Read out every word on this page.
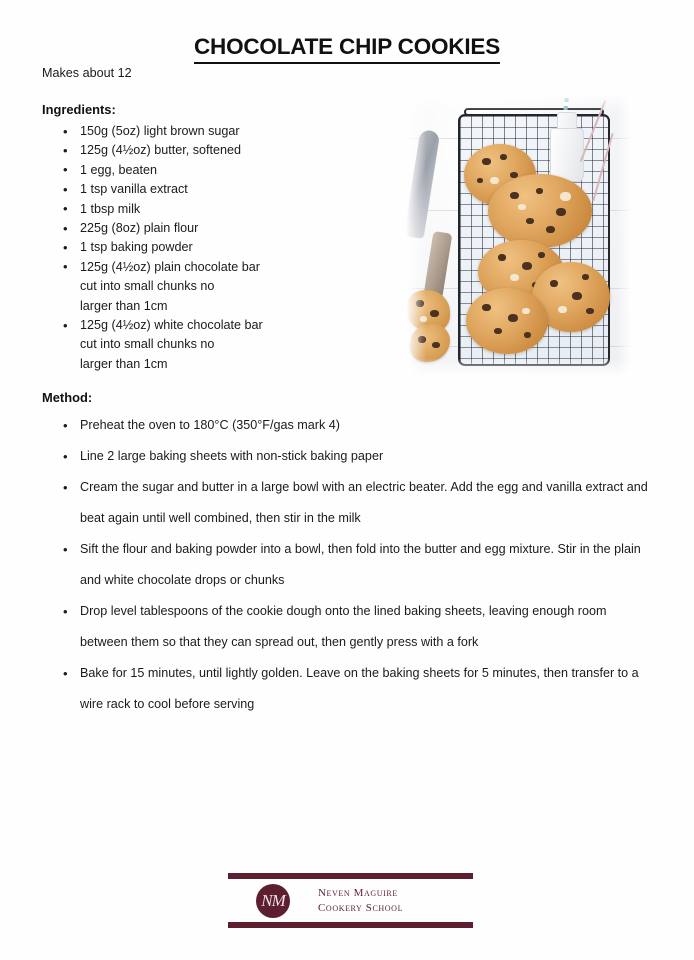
CHOCOLATE CHIP COOKIES
Makes about 12
Ingredients:
• 150g (5oz) light brown sugar
• 125g (4½oz) butter, softened
• 1 egg, beaten
• 1 tsp vanilla extract
• 1 tbsp milk
• 225g (8oz) plain flour
• 1 tsp baking powder
• 125g (4½oz) plain chocolate bar
cut into small chunks no
larger than 1cm
• 125g (4½oz) white chocolate bar
cut into small chunks no
larger than 1cm
Method:
• Preheat the oven to 180°C (350°F/gas mark 4)
• Line 2 large baking sheets with non-stick baking paper
• Cream the sugar and butter in a large bowl with an electric beater. Add the egg and vanilla extract and beat again until well combined, then stir in the milk
• Sift the flour and baking powder into a bowl, then fold into the butter and egg mixture. Stir in the plain and white chocolate drops or chunks
• Drop level tablespoons of the cookie dough onto the lined baking sheets, leaving enough room between them so that they can spread out, then gently press with a fork
• Bake for 15 minutes, until lightly golden. Leave on the baking sheets for 5 minutes, then transfer to a wire rack to cool before serving
NM	Neven Maguire
Cookery School
